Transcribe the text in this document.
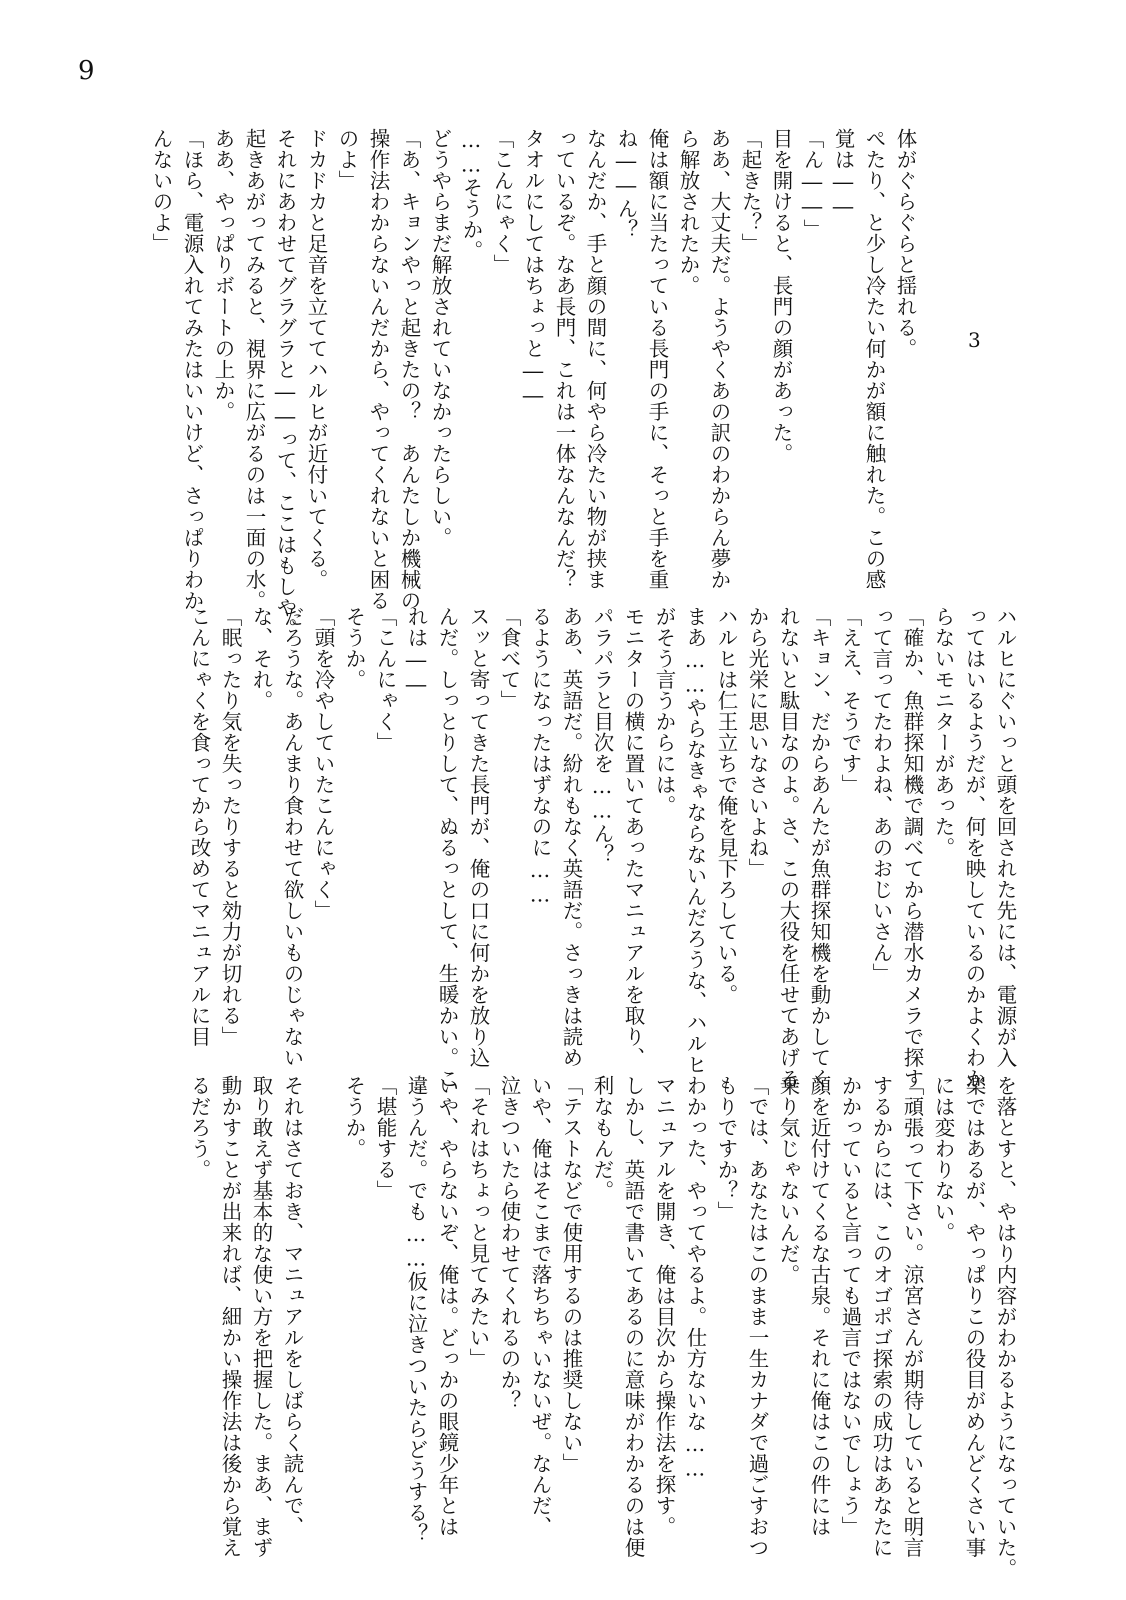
9
3

体がぐらぐらと揺れる。

ぺたり、と少し冷たい何かが額に触れた。この感

覚は――

「ん――」

目を開けると、長門の顔があった。

「起きた？」

ああ、大丈夫だ。ようやくあの訳のわからん夢か

ら解放されたか。

俺は額に当たっている長門の手に、そっと手を重

ね――ん？

なんだか、手と顔の間に、何やら冷たい物が挟ま

っているぞ。なあ長門、これは一体なんなんだ？

タオルにしてはちょっと――

「こんにゃく」

……そうか。

どうやらまだ解放されていなかったらしい。

「あ、キョンやっと起きたの？　あんたしか機械の

操作法わからないんだから、やってくれないと困る

のよ」

ドカドカと足音を立ててハルヒが近付いてくる。

それにあわせてグラグラと――って、ここはもしや。

起きあがってみると、視界に広がるのは一面の水。

ああ、やっぱりボートの上か。

「ほら、電源入れてみたはいいけど、さっぱりわか

んないのよ」

ハルヒにぐいっと頭を回された先には、電源が入

ってはいるようだが、何を映しているのかよくわか

らないモニターがあった。

「確か、魚群探知機で調べてから潜水カメラで探す

って言ってたわよね、あのおじいさん」

「ええ、そうです」

「キョン、だからあんたが魚群探知機を動かしてく

れないと駄目なのよ。さ、この大役を任せてあげる

から光栄に思いなさいよね」

ハルヒは仁王立ちで俺を見下ろしている。

まあ……やらなきゃならないんだろうな、ハルヒ

がそう言うからには。

モニターの横に置いてあったマニュアルを取り、

パラパラと目次を……ん？

ああ、英語だ。紛れもなく英語だ。さっきは読め

るようになったはずなのに……

「食べて」

スッと寄ってきた長門が、俺の口に何かを放り込

んだ。しっとりして、ぬるっとして、生暖かい。こ

れは――

「こんにゃく」

そうか。

「頭を冷やしていたこんにゃく」

だろうな。あんまり食わせて欲しいものじゃない

な、それ。

「眠ったり気を失ったりすると効力が切れる」

こんにゃくを食ってから改めてマニュアルに目

を落とすと、やはり内容がわかるようになっていた。

楽ではあるが、やっぱりこの役目がめんどくさい事

には変わりない。

「頑張って下さい。涼宮さんが期待していると明言

するからには、このオゴポゴ探索の成功はあなたに

かかっていると言っても過言ではないでしょう」

顔を近付けてくるな古泉。それに俺はこの件には

乗り気じゃないんだ。

「では、あなたはこのまま一生カナダで過ごすおつ

もりですか？」

わかった、やってやるよ。仕方ないな……

マニュアルを開き、俺は目次から操作法を探す。

しかし、英語で書いてあるのに意味がわかるのは便

利なもんだ。

「テストなどで使用するのは推奨しない」

いや、俺はそこまで落ちちゃいないぜ。なんだ、

泣きついたら使わせてくれるのか？

「それはちょっと見てみたい」

いや、やらないぞ、俺は。どっかの眼鏡少年とは

違うんだ。でも……仮に泣きついたらどうする？

「堪能する」

そうか。

それはさておき、マニュアルをしばらく読んで、

取り敢えず基本的な使い方を把握した。まあ、まず

動かすことが出来れば、細かい操作法は後から覚え

るだろう。
